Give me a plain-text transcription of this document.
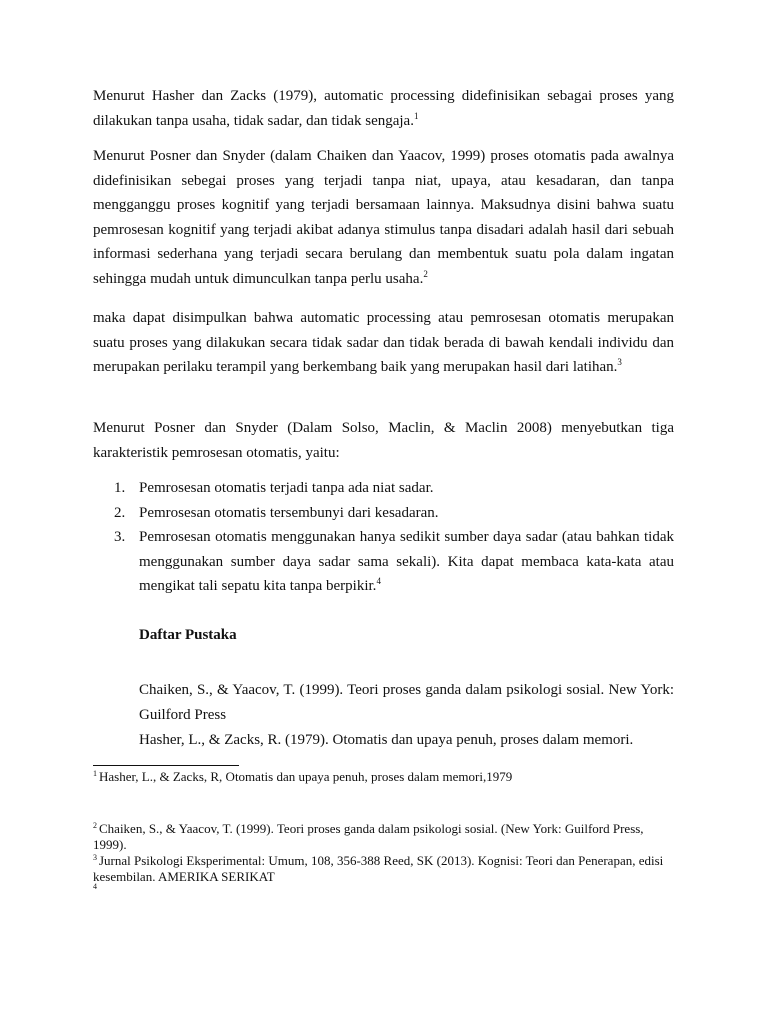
Menurut Hasher dan Zacks (1979), automatic processing didefinisikan sebagai proses yang dilakukan tanpa usaha, tidak sadar, dan tidak sengaja.$^1$

Menurut Posner dan Snyder (dalam Chaiken dan Yaacov, 1999) proses otomatis pada awalnya didefinisikan sebegai proses yang terjadi tanpa niat, upaya, atau kesadaran, dan tanpa mengganggu proses kognitif yang terjadi bersamaan lainnya. Maksudnya disini bahwa suatu pemrosesan kognitif yang terjadi akibat adanya stimulus tanpa disadari adalah hasil dari sebuah informasi sederhana yang terjadi secara berulang dan membentuk suatu pola dalam ingatan sehingga mudah untuk dimunculkan tanpa perlu usaha.$^2$

maka dapat disimpulkan bahwa automatic processing atau pemrosesan otomatis merupakan suatu proses yang dilakukan secara tidak sadar dan tidak berada di bawah kendali individu dan merupakan perilaku terampil yang berkembang baik yang merupakan hasil dari latihan.$^3$

Menurut Posner dan Snyder (Dalam Solso, Maclin, & Maclin 2008) menyebutkan tiga karakteristik pemrosesan otomatis, yaitu:

1. Pemrosesan otomatis terjadi tanpa ada niat sadar.
2. Pemrosesan otomatis tersembunyi dari kesadaran.
3. Pemrosesan otomatis menggunakan hanya sedikit sumber daya sadar (atau bahkan tidak menggunakan sumber daya sadar sama sekali). Kita dapat membaca kata-kata atau mengikat tali sepatu kita tanpa berpikir.$^4$

Daftar Pustaka

Chaiken, S., & Yaacov, T. (1999). Teori proses ganda dalam psikologi sosial. New York: Guilford Press

Hasher, L., & Zacks, R. (1979). Otomatis dan upaya penuh, proses dalam memori.

$^1$ Hasher, L., & Zacks, R, Otomatis dan upaya penuh, proses dalam memori,1979

$^2$ Chaiken, S., & Yaacov, T. (1999). Teori proses ganda dalam psikologi sosial. (New York: Guilford Press, 1999).

$^3$ Jurnal Psikologi Eksperimental: Umum, 108, 356-388 Reed, SK (2013). Kognisi: Teori dan Penerapan, edisi kesembilan. AMERIKA SERIKAT

$^4$
